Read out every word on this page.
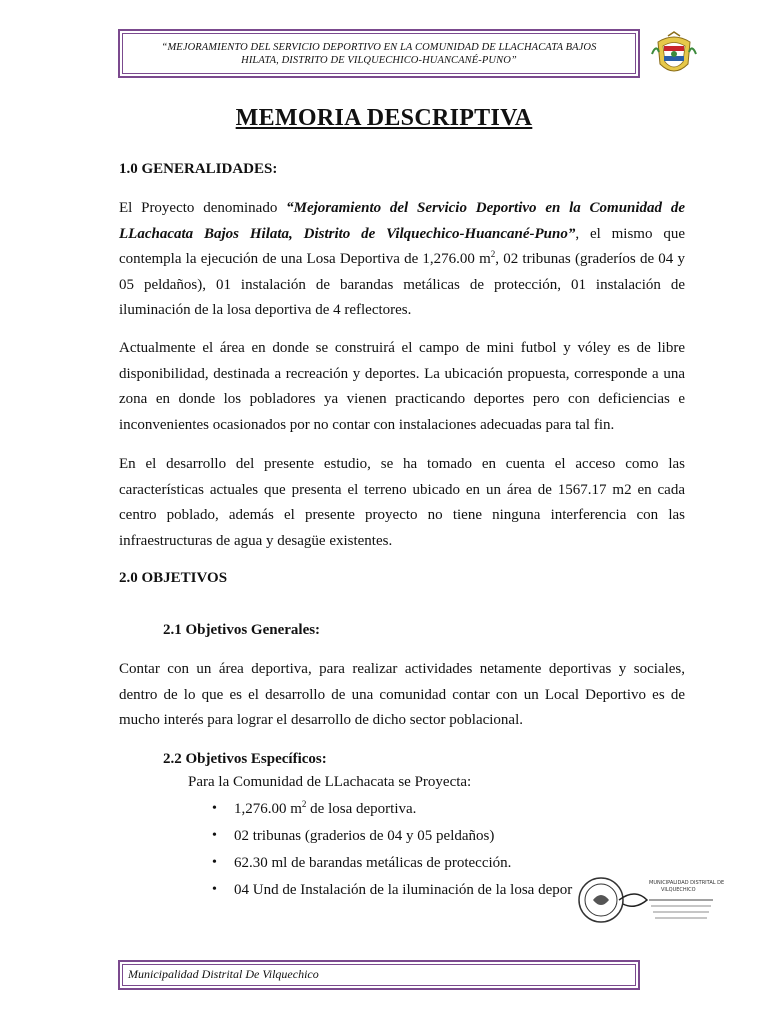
“MEJORAMIENTO DEL SERVICIO DEPORTIVO EN LA COMUNIDAD DE LLACHACATA BAJOS
HILATA, DISTRITO DE VILQUECHICO-HUANCANÉ-PUNO”
MEMORIA DESCRIPTIVA
1.0 GENERALIDADES:
El Proyecto denominado “Mejoramiento del Servicio Deportivo en la Comunidad de LLachacata Bajos Hilata, Distrito de Vilquechico-Huancané-Puno”, el mismo que contempla la ejecución de una Losa Deportiva de 1,276.00 $m^2$, 02 tribunas (graderíos de 04 y 05 peldaños), 01 instalación de barandas metálicas de protección, 01 instalación de iluminación de la losa deportiva de 4 reflectores.
Actualmente el área en donde se construirá el campo de mini futbol y vóley es de libre disponibilidad, destinada a recreación y deportes. La ubicación propuesta, corresponde a una zona en donde los pobladores ya vienen practicando deportes pero con deficiencias e inconvenientes ocasionados por no contar con instalaciones adecuadas para tal fin.
En el desarrollo del presente estudio, se ha tomado en cuenta el acceso como las características actuales que presenta el terreno ubicado en un área de 1567.17 m2 en cada centro poblado, además el presente proyecto no tiene ninguna interferencia con las infraestructuras de agua y desagüe existentes.
2.0 OBJETIVOS
2.1 Objetivos Generales:
Contar con un área deportiva, para realizar actividades netamente deportivas y sociales, dentro de lo que es el desarrollo de una comunidad contar con un Local Deportivo es de mucho interés para lograr el desarrollo de dicho sector poblacional.
2.2 Objetivos Específicos:
Para la Comunidad de LLachacata se Proyecta:
• 1,276.00 $m^2$ de losa deportiva.
• 02 tribunas (graderios de 04 y 05 peldaños)
• 62.30 ml de barandas metálicas de protección.
• 04 Und de Instalación de la iluminación de la losa depor	MUNICIPALIDAD DISTRITAL DE
VILQUECHICO
Municipalidad Distrital De Vilquechico
